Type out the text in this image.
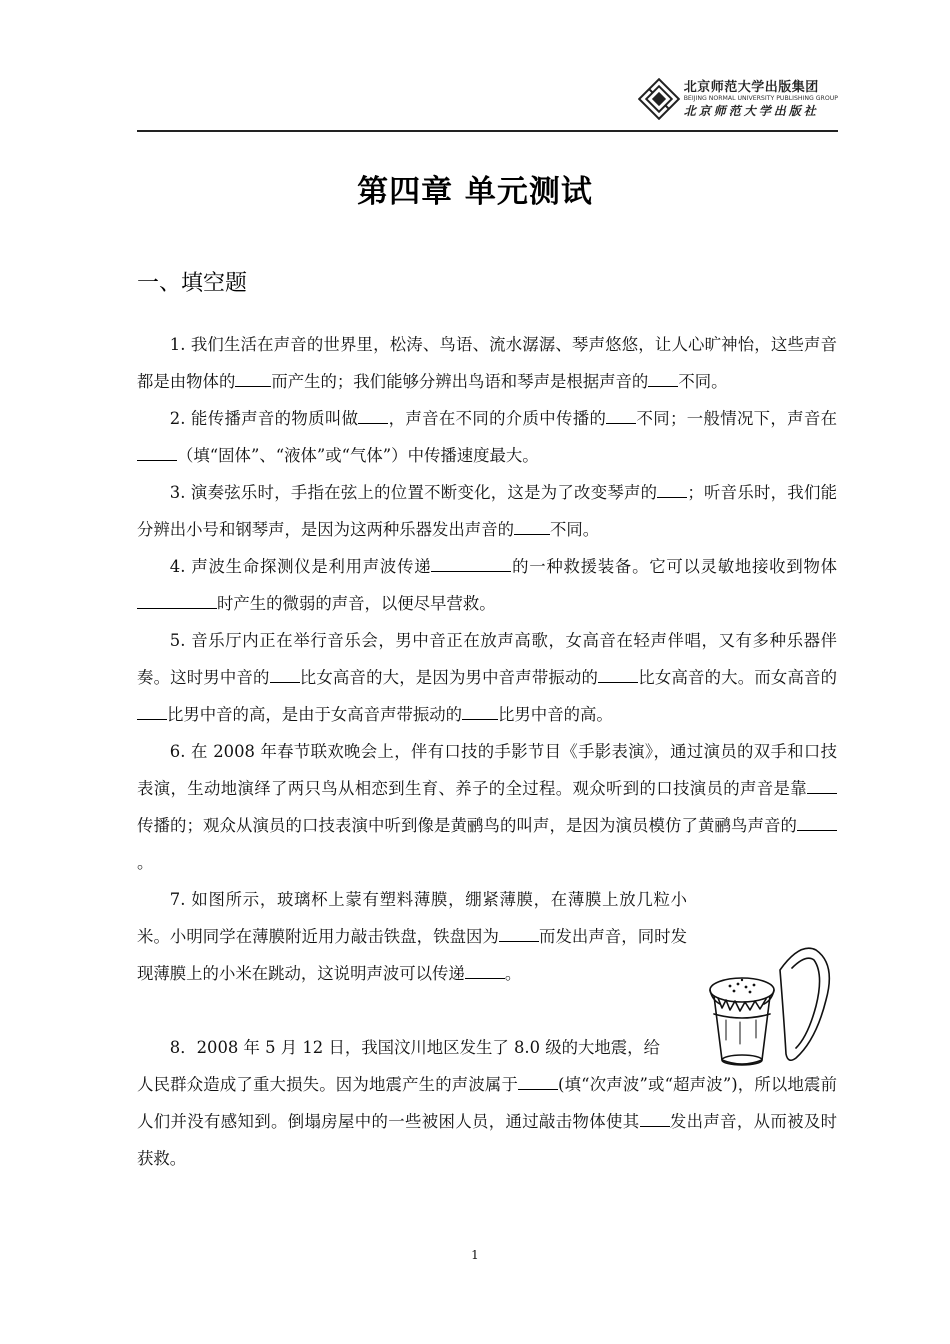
北京师范大学出版集团
BEIJING NORMAL UNIVERSITY PUBLISHING GROUP
北京师范大学出版社
第四章 单元测试
一、填空题

1. 我们生活在声音的世界里，松涛、鸟语、流水潺潺、琴声悠悠，让人心旷神怡，这些声音都是由物体的 而产生的；我们能够分辨出鸟语和琴声是根据声音的 不同。

2. 能传播声音的物质叫做 ，声音在不同的介质中传播的 不同；一般情况下，声音在（填“固体”、“液体”或“气体”）中传播速度最大。

3. 演奏弦乐时，手指在弦上的位置不断变化，这是为了改变琴声的 ；听音乐时，我们能分辨出小号和钢琴声，是因为这两种乐器发出声音的 不同。

4. 声波生命探测仪是利用声波传递	的一种救援装备。它可以灵敏地接收到物体时产生的微弱的声音，以便尽早营救。

5. 音乐厅内正在举行音乐会，男中音正在放声高歌，女高音在轻声伴唱，又有多种乐器伴奏。这时男中音的 比女高音的大，是因为男中音声带振动的 比女高音的大。而女高音的比男中音的高，是由于女高音声带振动的 比男中音的高。

6. 在 2008 年春节联欢晚会上，伴有口技的手影节目《手影表演》，通过演员的双手和口技表演，生动地演绎了两只鸟从相恋到生育、养子的全过程。观众听到的口技演员的声音是靠传播的；观众从演员的口技表演中听到像是黄鹂鸟的叫声，是因为演员模仿了黄鹂鸟声音的。

7. 如图所示，玻璃杯上蒙有塑料薄膜，绷紧薄膜，在薄膜上放几粒小米。小明同学在薄膜附近用力敲击铁盘，铁盘因为 而发出声音，同时发现薄膜上的小米在跳动，这说明声波可以传递 。

8．2008 年 5 月 12 日，我国汶川地区发生了 8.0 级的大地震，给

人民群众造成了重大损失。因为地震产生的声波属于 (填“次声波”或“超声波”)，所以地震前人们并没有感知到。倒塌房屋中的一些被困人员，通过敲击物体使其 发出声音，从而被及时获救。

1
